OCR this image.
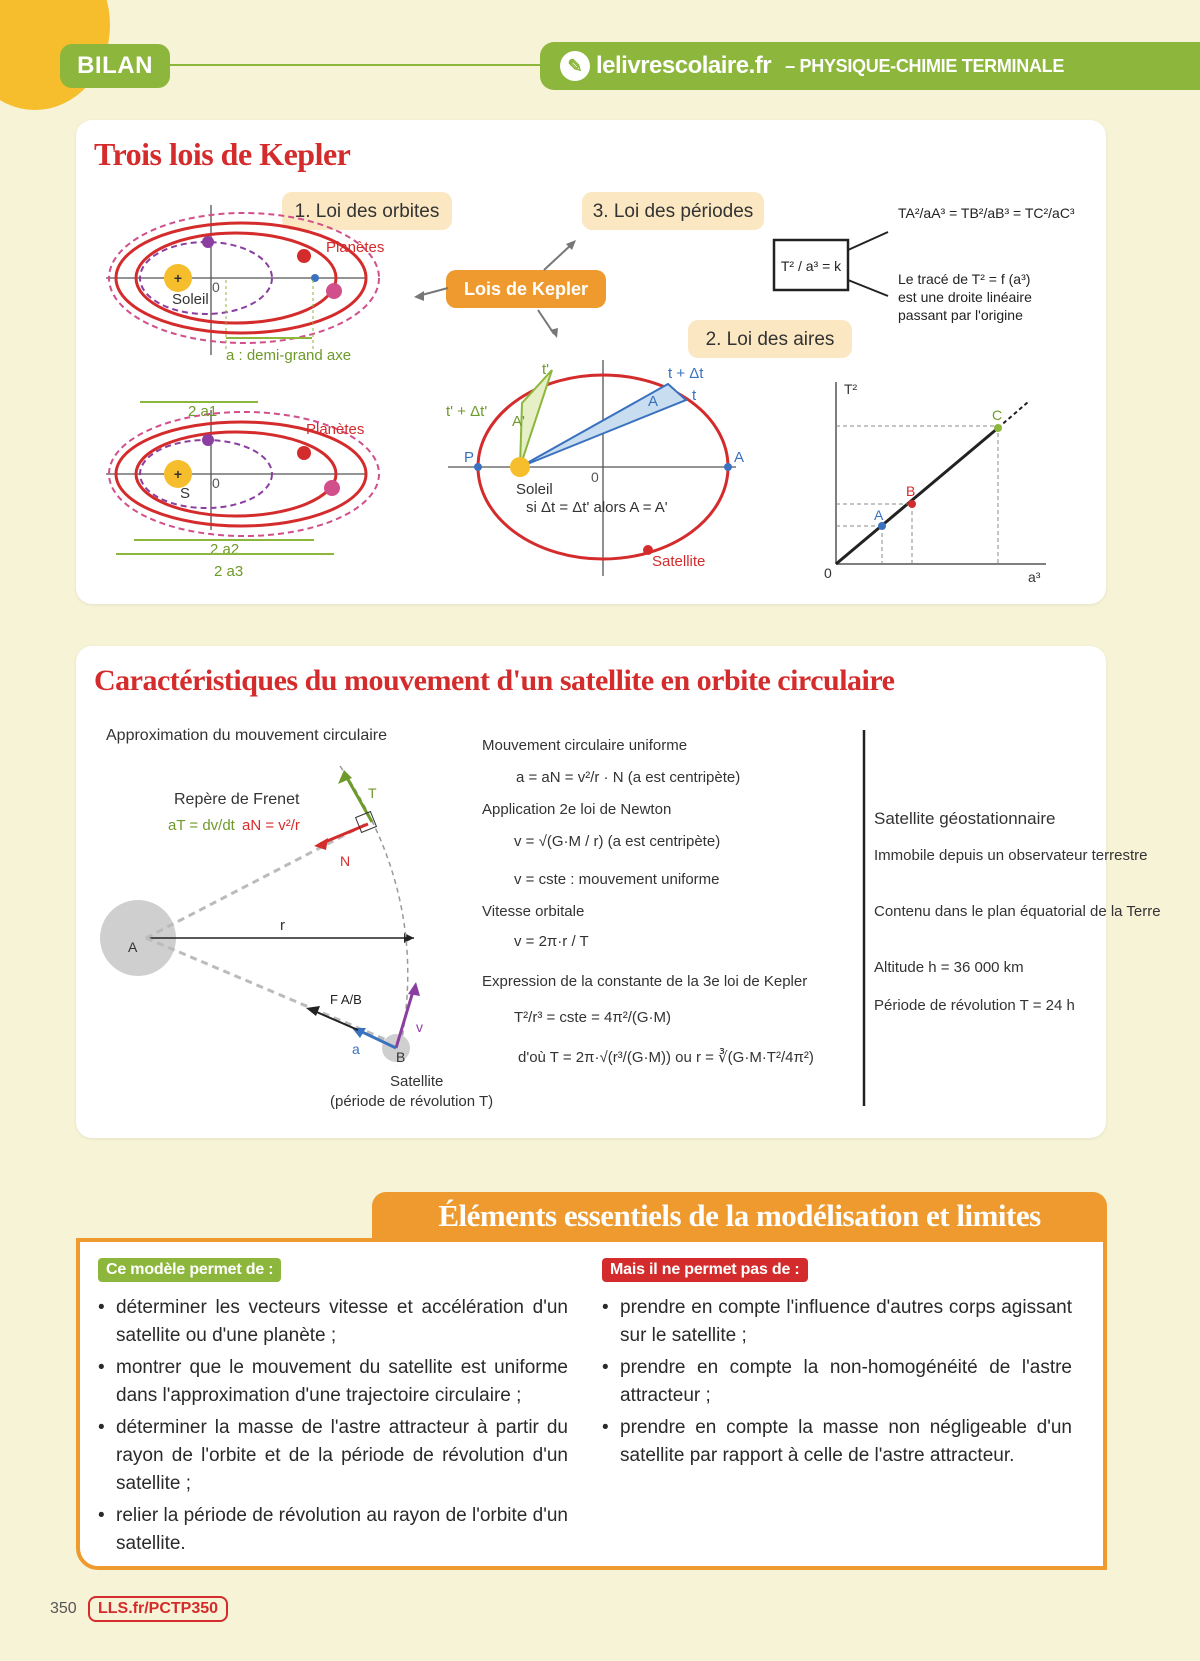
BILAN	✎ lelivrescolaire.fr – PHYSIQUE-CHIMIE TERMINALE
Trois lois de Kepler
1. Loi des orbites	3. Loi des périodes
2. Loi des aires
Lois de Kepler
+
Soleil
0
Planètes
a : demi-grand axe
+
S
0
Planètes
2 a1
2 a2
2 a3
t + Δt
t
t'
t' + Δt'
A
A'
P	A
0
Soleil
si Δt = Δt' alors A = A'
Satellite
T² / a³ = k
TA²/aA³ = TB²/aB³ = TC²/aC³
Le tracé de T² = f (a³)
est une droite linéaire
passant par l'origine
A
B
C
T²
a³
0
Caractéristiques du mouvement d'un satellite en orbite circulaire
Approximation du mouvement circulaire
Repère de Frenet
aT = dv/dt aN = v²/r
A
r
T
N
B
v
a
F A/B
Satellite
(période de révolution T)
Mouvement circulaire uniforme
a = aN = v²/r · N (a est centripète)
Application 2e loi de Newton
v = √(G·M / r) (a est centripète)
v = cste : mouvement uniforme
Vitesse orbitale
v = 2π·r / T
Expression de la constante de la 3e loi de Kepler
T²/r³ = cste = 4π²/(G·M)
d'où T = 2π·√(r³/(G·M)) ou r = ∛(G·M·T²/4π²)
Satellite géostationnaire
Immobile depuis un observateur terrestre
Contenu dans le plan équatorial de la Terre
Altitude h = 36 000 km
Période de révolution T = 24 h
Éléments essentiels de la modélisation et limites
Ce modèle permet de :
• déterminer les vecteurs vitesse et accélération d'un satellite ou d'une planète ;
• montrer que le mouvement du satellite est uniforme dans l'approximation d'une trajectoire circulaire ;
• déterminer la masse de l'astre attracteur à partir du rayon de l'orbite et de la période de révolution d'un satellite ;
• relier la période de révolution au rayon de l'orbite d'un satellite.
Mais il ne permet pas de :
• prendre en compte l'influence d'autres corps agissant sur le satellite ;
• prendre en compte la non-homogénéité de l'astre attracteur ;
• prendre en compte la masse non négligeable d'un satellite par rapport à celle de l'astre attracteur.
350	LLS.fr/PCTP350
